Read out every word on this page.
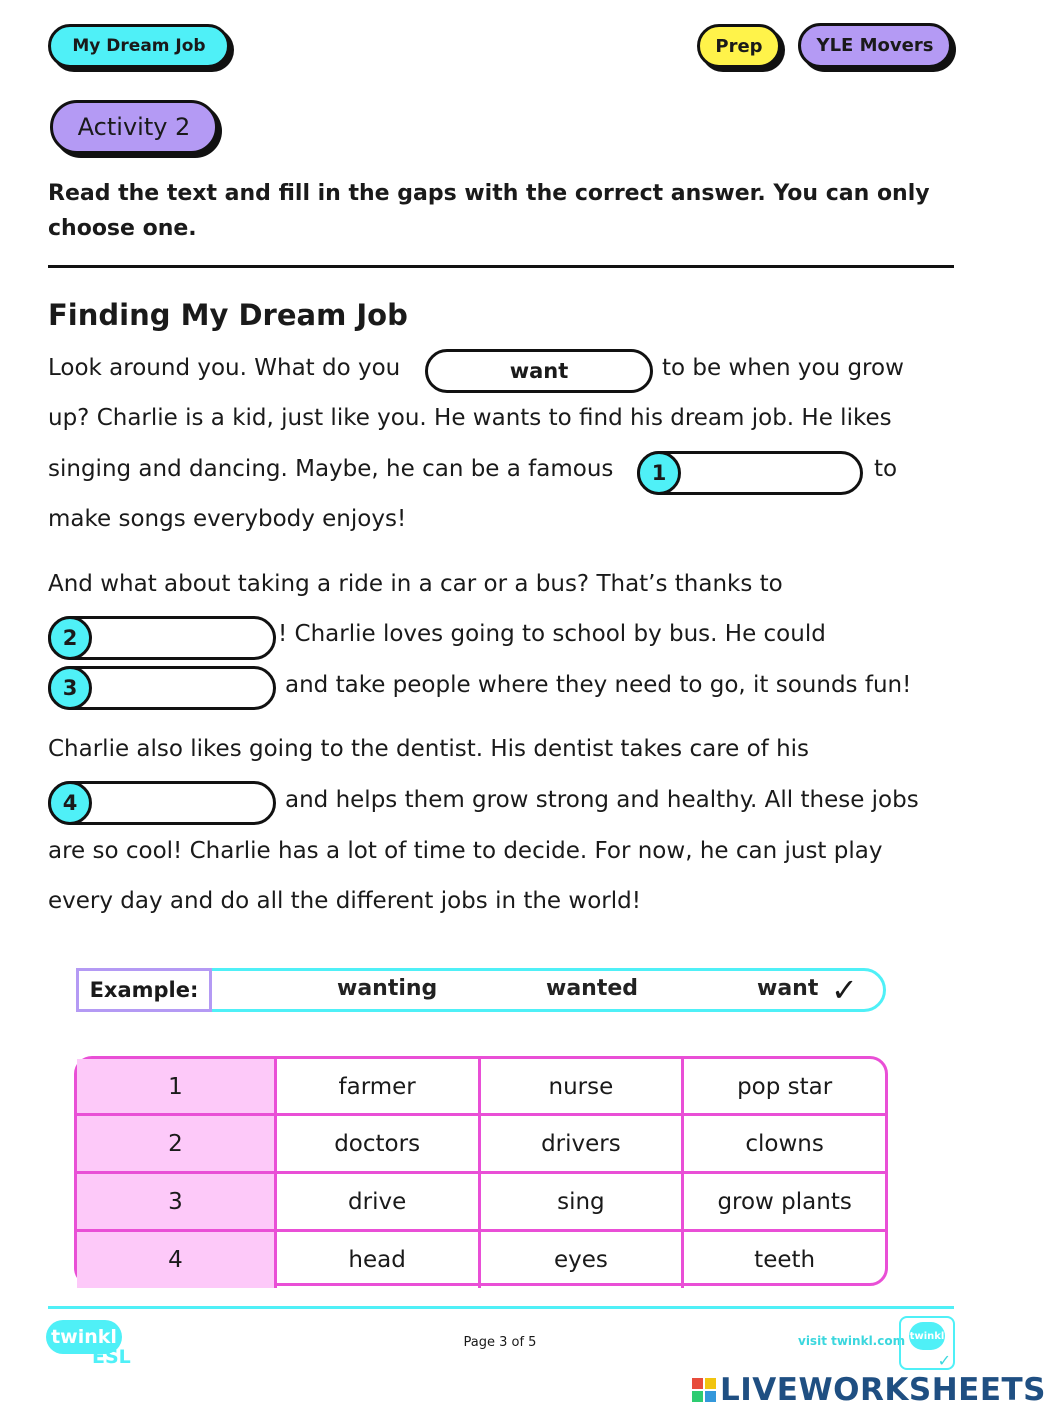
My Dream Job	Prep	YLE Movers
Activity 2
Read the text and fill in the gaps with the correct answer. You can only
choose one.
Finding My Dream Job
Look around you. What do you	want	to be when you grow
up? Charlie is a kid, just like you. He wants to find his dream job. He likes
singing and dancing. Maybe, he can be a famous	1	to
make songs everybody enjoys!
And what about taking a ride in a car or a bus? That’s thanks to
2	! Charlie loves going to school by bus. He could
3	and take people where they need to go, it sounds fun!
Charlie also likes going to the dentist. His dentist takes care of his
4	and helps them grow strong and healthy. All these jobs
are so cool! Charlie has a lot of time to decide. For now, he can just play
every day and do all the different jobs in the world!
Example:	wanting	wanted	want ✓
1	farmer	nurse	pop star
2	doctors	drivers	clowns
3	drive	sing	grow plants
4	head	eyes	teeth
twinkl
ESL
Page 3 of 5	visit twinkl.com twinkl
✓
LIVEWORKSHEETS
